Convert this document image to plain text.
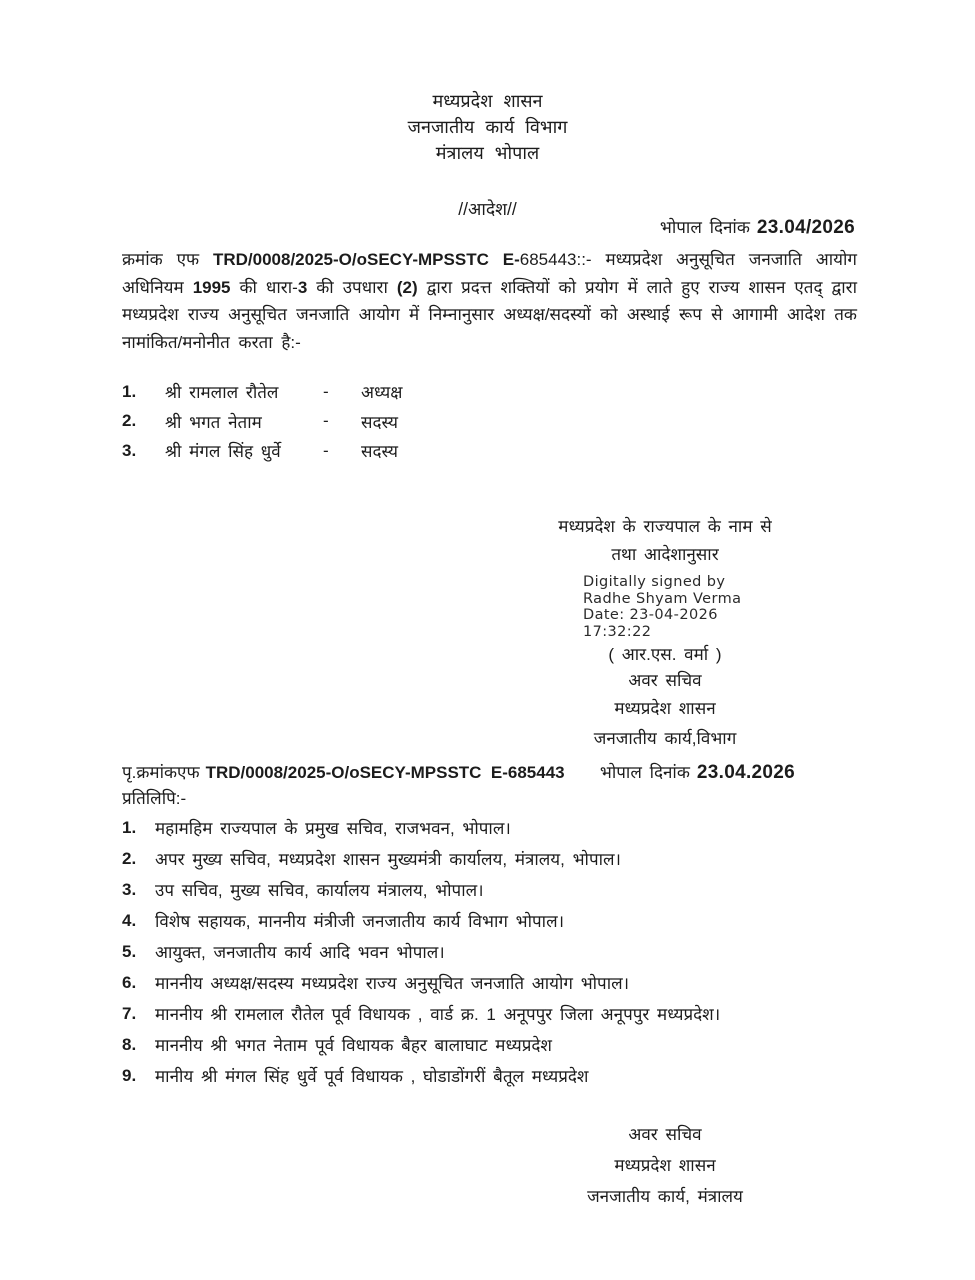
मध्यप्रदेश शासन
जनजातीय कार्य विभाग
मंत्रालय भोपाल
//आदेश//
भोपाल दिनांक 23.04/2026

क्रमांक एफ TRD/0008/2025-O/oSECY-MPSSTC E-685443::- मध्यप्रदेश अनुसूचित जनजाति आयोग अधिनियम 1995 की धारा-3 की उपधारा (2) द्वारा प्रदत्त शक्तियों को प्रयोग में लाते हुए राज्य शासन एतद् द्वारा मध्यप्रदेश राज्य अनुसूचित जनजाति आयोग में निम्नानुसार अध्यक्ष/सदस्यों को अस्थाई रूप से आगामी आदेश तक नामांकित/मनोनीत करता है:-

1.	श्री रामलाल रौतेल	-	अध्यक्ष
2.	श्री भगत नेताम	-	सदस्य
3.	श्री मंगल सिंह धुर्वे	-	सदस्य
मध्यप्रदेश के राज्यपाल के नाम से
तथा आदेशानुसार
Digitally signed by
Radhe Shyam Verma
Date: 23-04-2026
17:32:22
( आर.एस. वर्मा )
अवर सचिव
मध्यप्रदेश शासन
जनजातीय कार्य,विभाग
पृ.क्रमांकएफ TRD/0008/2025-O/oSECY-MPSSTC  E-685443 भोपाल दिनांक 23.04.2026
प्रतिलिपि:-
1.	महामहिम राज्यपाल के प्रमुख सचिव, राजभवन, भोपाल।
2.	अपर मुख्य सचिव, मध्यप्रदेश शासन मुख्यमंत्री कार्यालय, मंत्रालय, भोपाल।
3.	उप सचिव, मुख्य सचिव, कार्यालय मंत्रालय, भोपाल।
4.	विशेष सहायक, माननीय मंत्रीजी जनजातीय कार्य विभाग भोपाल।
5.	आयुक्त, जनजातीय कार्य आदि भवन भोपाल।
6.	माननीय अध्यक्ष/सदस्य मध्यप्रदेश राज्य अनुसूचित जनजाति आयोग भोपाल।
7.	माननीय श्री रामलाल रौतेल पूर्व विधायक , वार्ड क्र. 1 अनूपपुर जिला अनूपपुर मध्यप्रदेश।
8.	माननीय श्री भगत नेताम पूर्व विधायक बैहर बालाघाट मध्यप्रदेश
9.	मानीय श्री मंगल सिंह धुर्वे पूर्व विधायक , घोडाडोंगरीं बैतूल मध्यप्रदेश
अवर सचिव
मध्यप्रदेश शासन
जनजातीय कार्य, मंत्रालय
